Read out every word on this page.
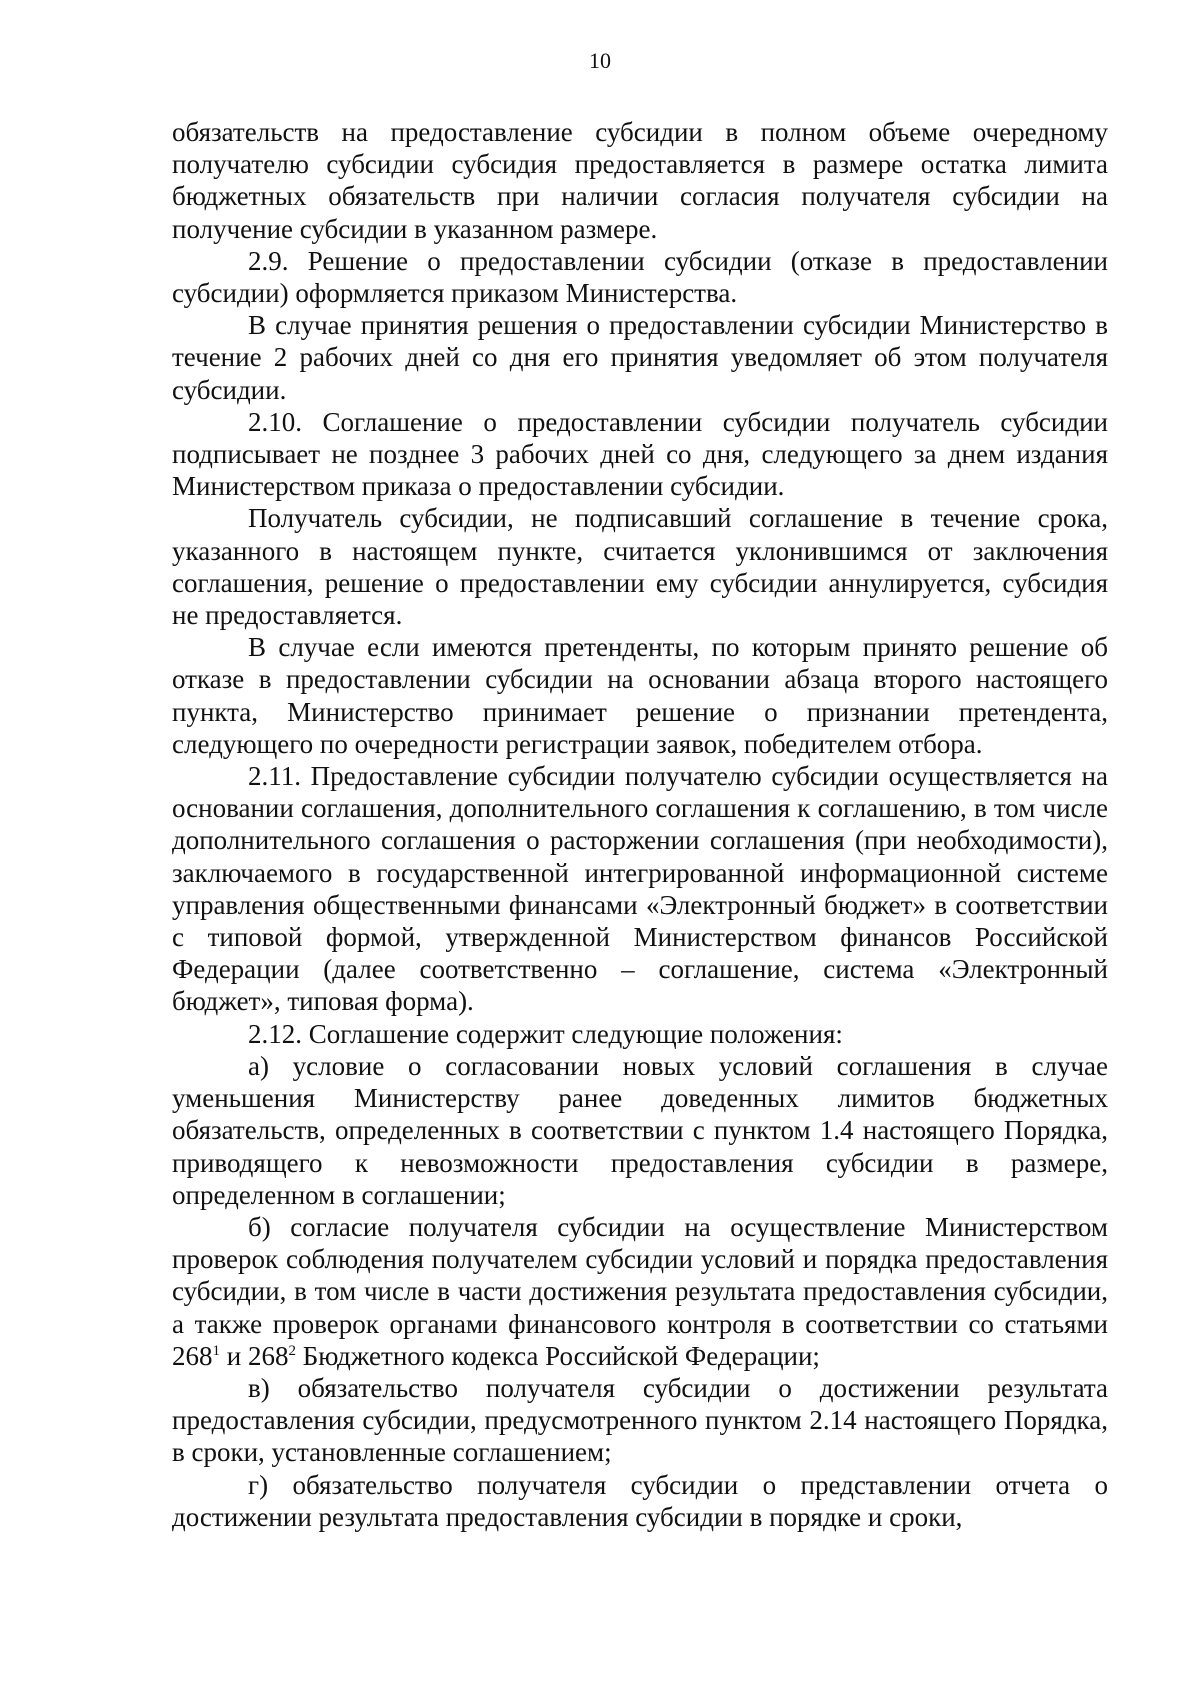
10

обязательств на предоставление субсидии в полном объеме очередному получателю субсидии субсидия предоставляется в размере остатка лимита бюджетных обязательств при наличии согласия получателя субсидии на получение субсидии в указанном размере.

2.9. Решение о предоставлении субсидии (отказе в предоставлении субсидии) оформляется приказом Министерства.

В случае принятия решения о предоставлении субсидии Министерство в течение 2 рабочих дней со дня его принятия уведомляет об этом получателя субсидии.

2.10. Соглашение о предоставлении субсидии получатель субсидии подписывает не позднее 3 рабочих дней со дня, следующего за днем издания Министерством приказа о предоставлении субсидии.

Получатель субсидии, не подписавший соглашение в течение срока, указанного в настоящем пункте, считается уклонившимся от заключения соглашения, решение о предоставлении ему субсидии аннулируется, субсидия не предоставляется.

В случае если имеются претенденты, по которым принято решение об отказе в предоставлении субсидии на основании абзаца второго настоящего пункта, Министерство принимает решение о признании претендента, следующего по очередности регистрации заявок, победителем отбора.

2.11. Предоставление субсидии получателю субсидии осуществляется на основании соглашения, дополнительного соглашения к соглашению, в том числе дополнительного соглашения о расторжении соглашения (при необходимости), заключаемого в государственной интегрированной информационной системе управления общественными финансами «Электронный бюджет» в соответствии с типовой формой, утвержденной Министерством финансов Российской Федерации (далее соответственно – соглашение, система «Электронный бюджет», типовая форма).

2.12. Соглашение содержит следующие положения:

а) условие о согласовании новых условий соглашения в случае уменьшения Министерству ранее доведенных лимитов бюджетных обязательств, определенных в соответствии с пунктом 1.4 настоящего Порядка, приводящего к невозможности предоставления субсидии в размере, определенном в соглашении;

б) согласие получателя субсидии на осуществление Министерством проверок соблюдения получателем субсидии условий и порядка предоставления субсидии, в том числе в части достижения результата предоставления субсидии, а также проверок органами финансового контроля в соответствии со статьями $268^1$ и $268^2$ Бюджетного кодекса Российской Федерации;

в) обязательство получателя субсидии о достижении результата предоставления субсидии, предусмотренного пунктом 2.14 настоящего Порядка, в сроки, установленные соглашением;

г) обязательство получателя субсидии о представлении отчета о достижении результата предоставления субсидии в порядке и сроки,
